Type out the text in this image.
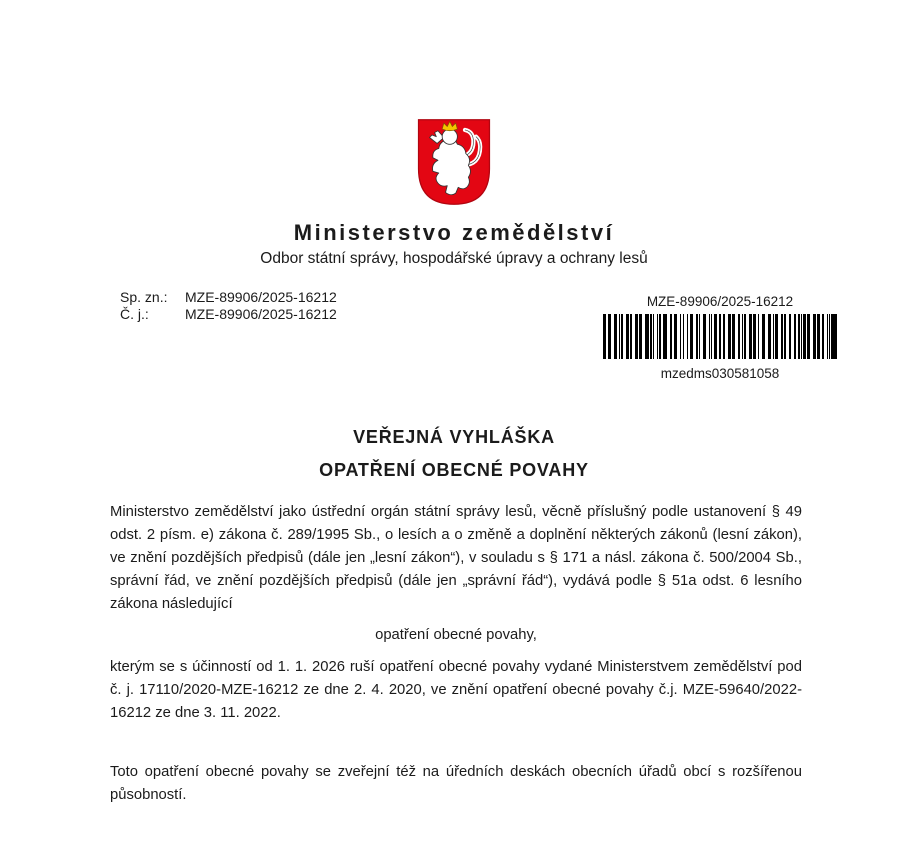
Ministerstvo zemědělství
Odbor státní správy, hospodářské úpravy a ochrany lesů
Sp. zn.:	MZE-89906/2025-16212
Č. j.:	MZE-89906/2025-16212
MZE-89906/2025-16212
mzedms030581058
VEŘEJNÁ VYHLÁŠKA
OPATŘENÍ OBECNÉ POVAHY

Ministerstvo zemědělství jako ústřední orgán státní správy lesů, věcně příslušný podle ustanovení § 49 odst. 2 písm. e) zákona č. 289/1995 Sb., o lesích a o změně a doplnění některých zákonů (lesní zákon), ve znění pozdějších předpisů (dále jen „lesní zákon“), v souladu s § 171 a násl. zákona č. 500/2004 Sb., správní řád, ve znění pozdějších předpisů (dále jen „správní řád“), vydává podle § 51a odst. 6 lesního zákona následující

opatření obecné povahy,

kterým se s účinností od 1. 1. 2026 ruší opatření obecné povahy vydané Ministerstvem zemědělství pod č. j. 17110/2020-MZE-16212 ze dne 2. 4. 2020, ve znění opatření obecné povahy č.j. MZE-59640/2022-16212 ze dne 3. 11. 2022.

Toto opatření obecné povahy se zveřejní též na úředních deskách obecních úřadů obcí s rozšířenou působností.
